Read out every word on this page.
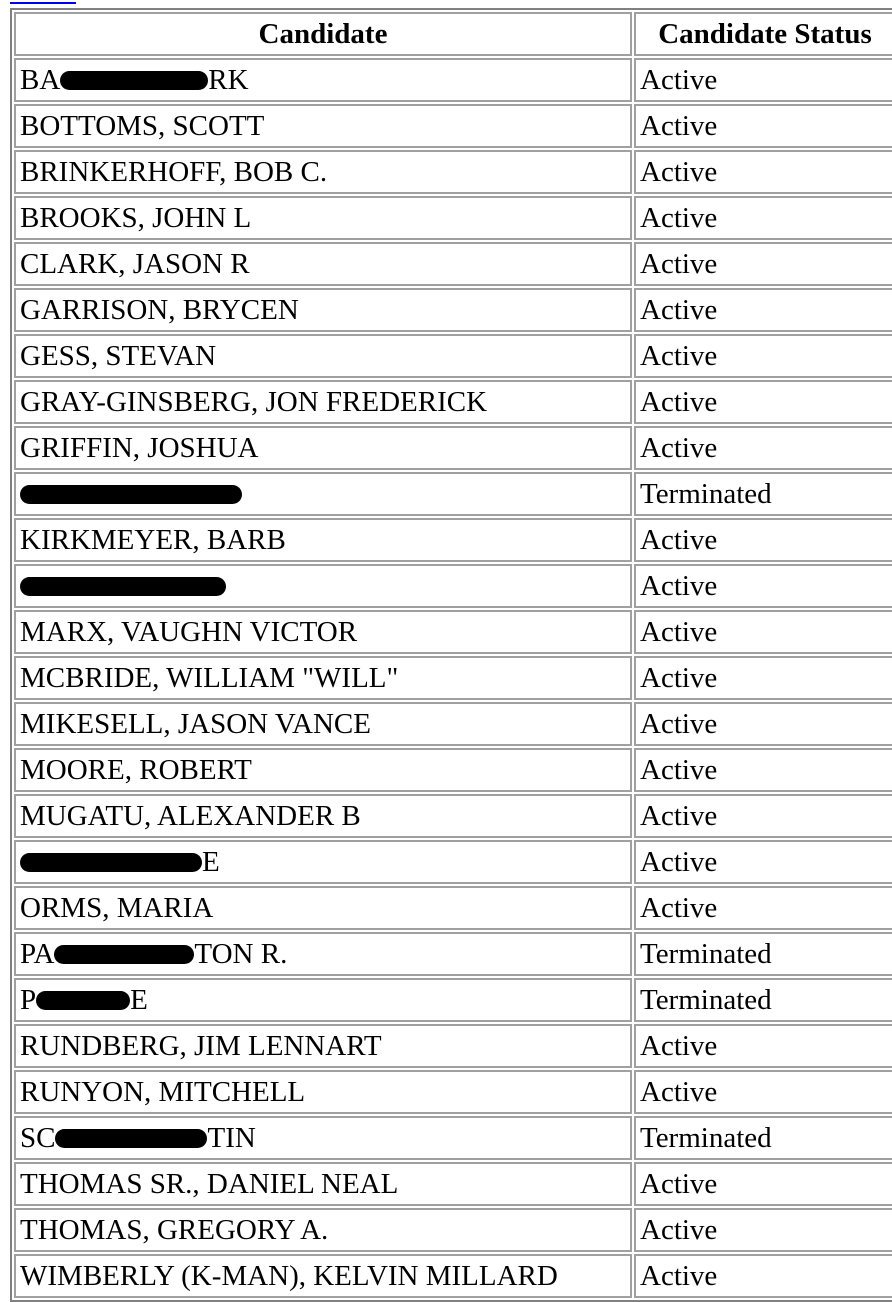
Candidate	Candidate Status
BA RK	Active
BOTTOMS, SCOTT	Active
BRINKERHOFF, BOB C.	Active
BROOKS, JOHN L	Active
CLARK, JASON R	Active
GARRISON, BRYCEN	Active
GESS, STEVAN	Active
GRAY-GINSBERG, JON FREDERICK	Active
GRIFFIN, JOSHUA	Active
	Terminated
KIRKMEYER, BARB	Active
	Active
MARX, VAUGHN VICTOR	Active
MCBRIDE, WILLIAM "WILL"	Active
MIKESELL, JASON VANCE	Active
MOORE, ROBERT	Active
MUGATU, ALEXANDER B	Active
E	Active
ORMS, MARIA	Active
PA TON R.	Terminated
P E	Terminated
RUNDBERG, JIM LENNART	Active
RUNYON, MITCHELL	Active
SC TIN	Terminated
THOMAS SR., DANIEL NEAL	Active
THOMAS, GREGORY A.	Active
WIMBERLY (K-MAN), KELVIN MILLARD	Active
